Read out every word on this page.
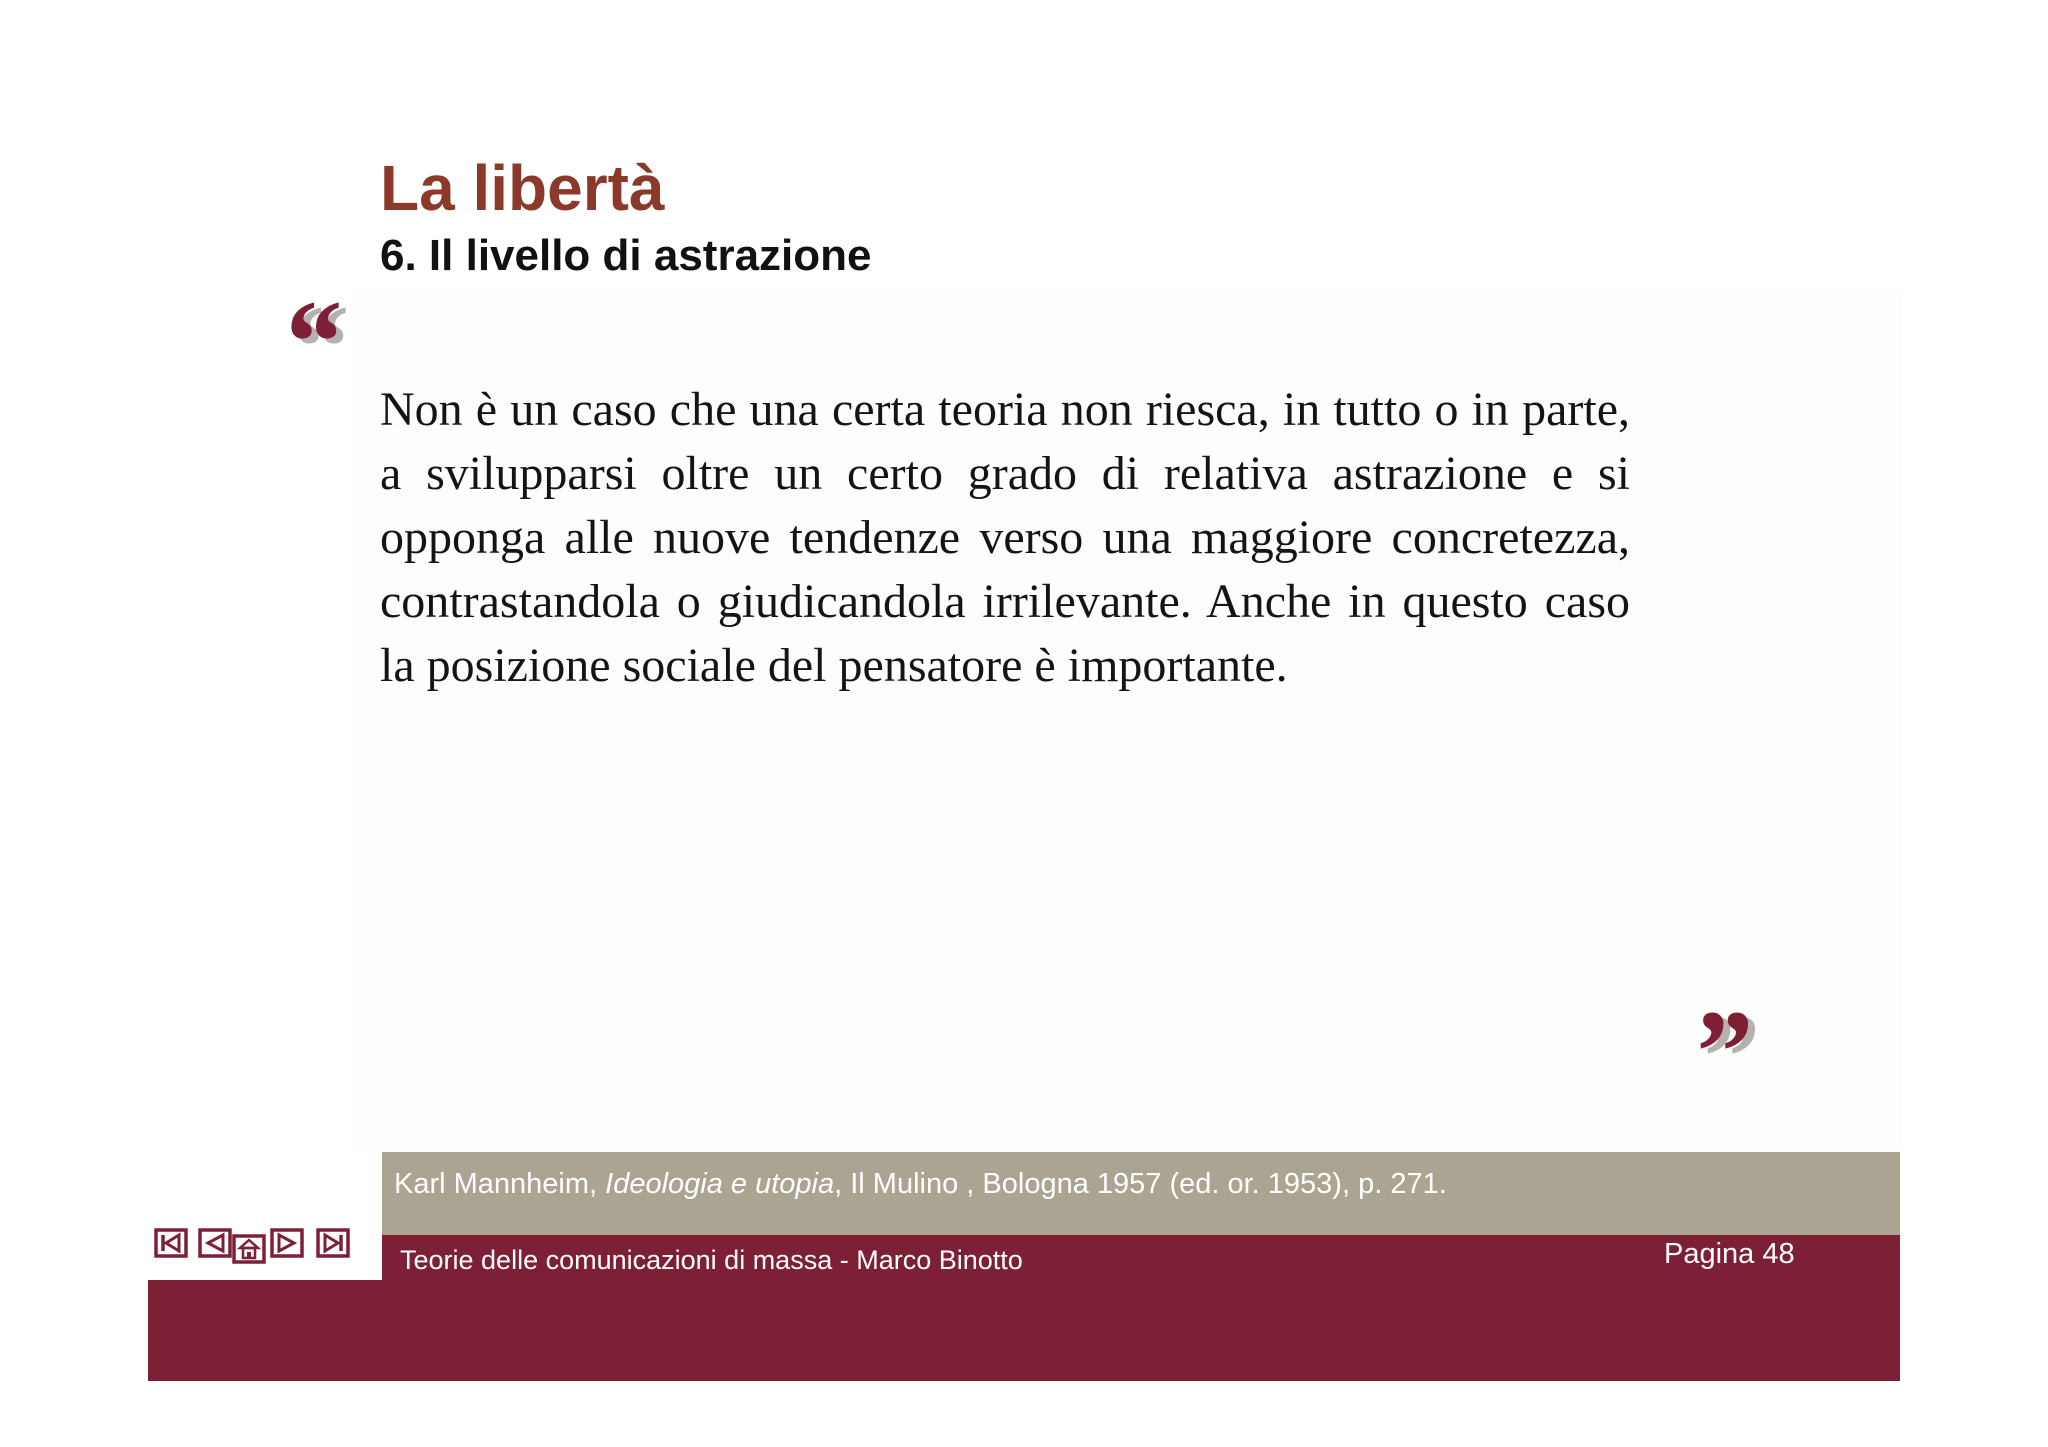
La libertà
6. Il livello di astrazione
“

Non è un caso che una certa teoria non riesca, in tutto o in parte, a svilupparsi oltre un certo grado di relativa astrazione e si opponga alle nuove tendenze verso una maggiore concretezza, contrastandola o giudicandola irrilevante. Anche in questo caso la posizione sociale del pensatore è importante.

”
Karl Mannheim, Ideologia e utopia, Il Mulino , Bologna 1957 (ed. or. 1953), p. 271.
Teorie delle comunicazioni di massa - Marco Binotto	Pagina 48
